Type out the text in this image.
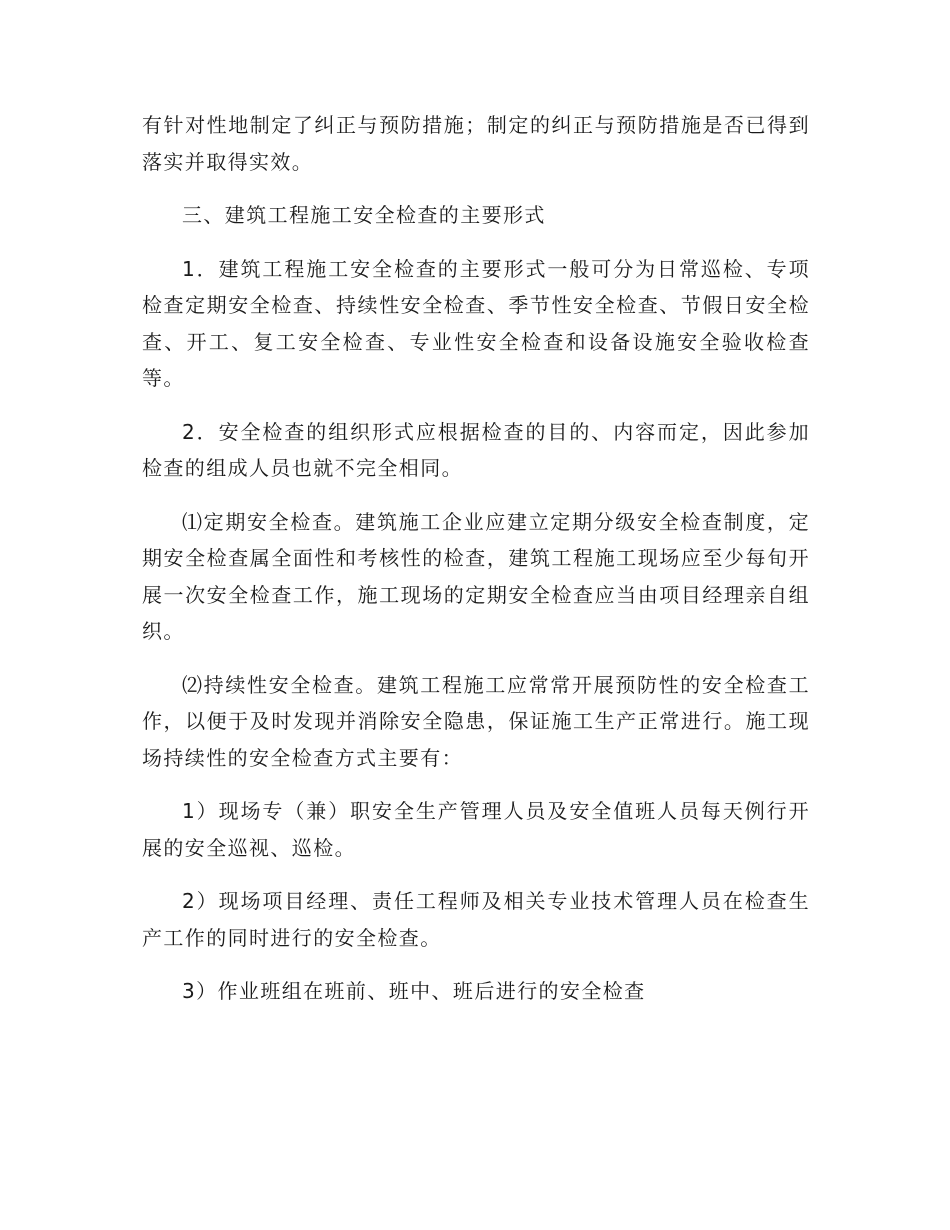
有针对性地制定了纠正与预防措施；制定的纠正与预防措施是否已得到落实并取得实效。

三、建筑工程施工安全检查的主要形式

1．建筑工程施工安全检查的主要形式一般可分为日常巡检、专项检查定期安全检查、持续性安全检查、季节性安全检查、节假日安全检查、开工、复工安全检查、专业性安全检查和设备设施安全验收检查等。

2．安全检查的组织形式应根据检查的目的、内容而定，因此参加检查的组成人员也就不完全相同。

⑴定期安全检查。建筑施工企业应建立定期分级安全检查制度，定期安全检查属全面性和考核性的检查，建筑工程施工现场应至少每旬开展一次安全检查工作，施工现场的定期安全检查应当由项目经理亲自组织。

⑵持续性安全检查。建筑工程施工应常常开展预防性的安全检查工作，以便于及时发现并消除安全隐患，保证施工生产正常进行。施工现场持续性的安全检查方式主要有：

1）现场专（兼）职安全生产管理人员及安全值班人员每天例行开展的安全巡视、巡检。

2）现场项目经理、责任工程师及相关专业技术管理人员在检查生产工作的同时进行的安全检查。

3）作业班组在班前、班中、班后进行的安全检查
